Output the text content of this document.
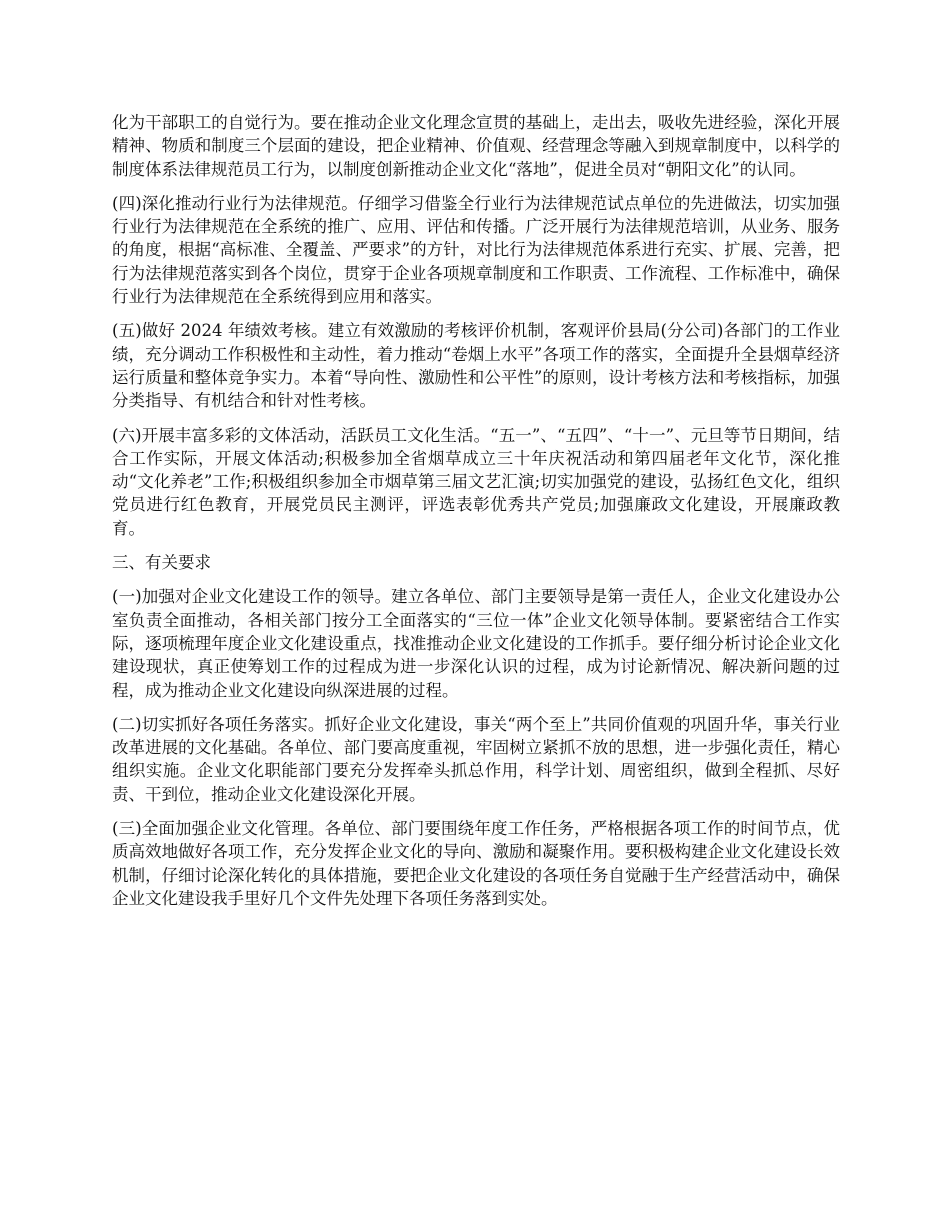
化为干部职工的自觉行为。要在推动企业文化理念宣贯的基础上，走出去，吸收先进经验，深化开展精神、物质和制度三个层面的建设，把企业精神、价值观、经营理念等融入到规章制度中，以科学的制度体系法律规范员工行为，以制度创新推动企业文化“落地”，促进全员对“朝阳文化”的认同。

(四)深化推动行业行为法律规范。仔细学习借鉴全行业行为法律规范试点单位的先进做法，切实加强行业行为法律规范在全系统的推广、应用、评估和传播。广泛开展行为法律规范培训，从业务、服务的角度，根据“高标准、全覆盖、严要求”的方针，对比行为法律规范体系进行充实、扩展、完善，把行为法律规范落实到各个岗位，贯穿于企业各项规章制度和工作职责、工作流程、工作标准中，确保行业行为法律规范在全系统得到应用和落实。

(五)做好 2024 年绩效考核。建立有效激励的考核评价机制，客观评价县局(分公司)各部门的工作业绩，充分调动工作积极性和主动性，着力推动“卷烟上水平”各项工作的落实，全面提升全县烟草经济运行质量和整体竞争实力。本着“导向性、激励性和公平性”的原则，设计考核方法和考核指标，加强分类指导、有机结合和针对性考核。

(六)开展丰富多彩的文体活动，活跃员工文化生活。“五一”、“五四”、“十一”、元旦等节日期间，结合工作实际，开展文体活动;积极参加全省烟草成立三十年庆祝活动和第四届老年文化节，深化推动“文化养老”工作;积极组织参加全市烟草第三届文艺汇演;切实加强党的建设，弘扬红色文化，组织党员进行红色教育，开展党员民主测评，评选表彰优秀共产党员;加强廉政文化建设，开展廉政教育。

三、有关要求

(一)加强对企业文化建设工作的领导。建立各单位、部门主要领导是第一责任人，企业文化建设办公室负责全面推动，各相关部门按分工全面落实的“三位一体”企业文化领导体制。要紧密结合工作实际，逐项梳理年度企业文化建设重点，找准推动企业文化建设的工作抓手。要仔细分析讨论企业文化建设现状，真正使筹划工作的过程成为进一步深化认识的过程，成为讨论新情况、解决新问题的过程，成为推动企业文化建设向纵深进展的过程。

(二)切实抓好各项任务落实。抓好企业文化建设，事关“两个至上”共同价值观的巩固升华，事关行业改革进展的文化基础。各单位、部门要高度重视，牢固树立紧抓不放的思想，进一步强化责任，精心组织实施。企业文化职能部门要充分发挥牵头抓总作用，科学计划、周密组织，做到全程抓、尽好责、干到位，推动企业文化建设深化开展。

(三)全面加强企业文化管理。各单位、部门要围绕年度工作任务，严格根据各项工作的时间节点，优质高效地做好各项工作，充分发挥企业文化的导向、激励和凝聚作用。要积极构建企业文化建设长效机制，仔细讨论深化转化的具体措施，要把企业文化建设的各项任务自觉融于生产经营活动中，确保企业文化建设我手里好几个文件先处理下各项任务落到实处。
